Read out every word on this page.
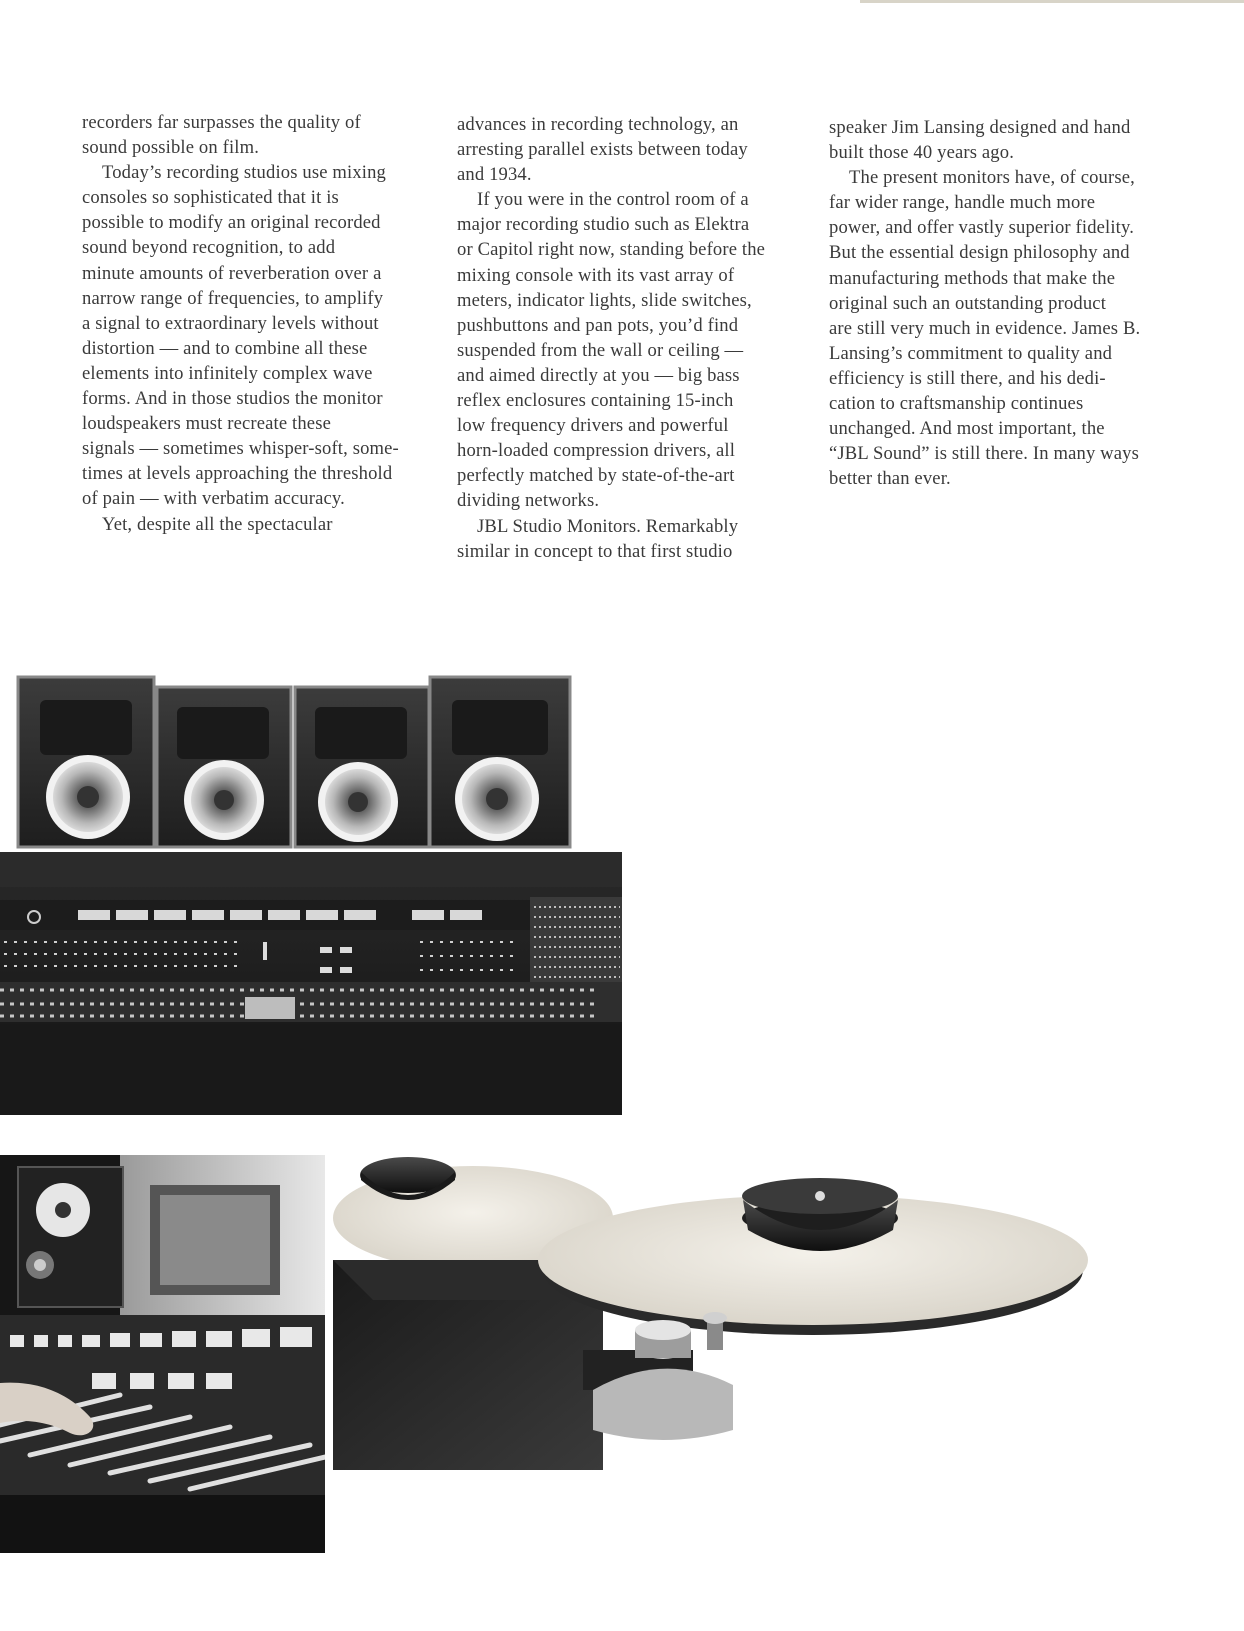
recorders far surpasses the quality of
sound possible on film.
Today’s recording studios use mixing
consoles so sophisticated that it is
possible to modify an original recorded
sound beyond recognition, to add
minute amounts of reverberation over a
narrow range of frequencies, to amplify
a signal to extraordinary levels without
distortion — and to combine all these
elements into infinitely complex wave
forms. And in those studios the monitor
loudspeakers must recreate these
signals — sometimes whisper-soft, some-
times at levels approaching the threshold
of pain — with verbatim accuracy.
Yet, despite all the spectacular
advances in recording technology, an
arresting parallel exists between today
and 1934.
If you were in the control room of a
major recording studio such as Elektra
or Capitol right now, standing before the
mixing console with its vast array of
meters, indicator lights, slide switches,
pushbuttons and pan pots, you’d find
suspended from the wall or ceiling —
and aimed directly at you — big bass
reflex enclosures containing 15-inch
low frequency drivers and powerful
horn-loaded compression drivers, all
perfectly matched by state-of-the-art
dividing networks.
JBL Studio Monitors. Remarkably
similar in concept to that first studio
speaker Jim Lansing designed and hand
built those 40 years ago.
The present monitors have, of course,
far wider range, handle much more
power, and offer vastly superior fidelity.
But the essential design philosophy and
manufacturing methods that make the
original such an outstanding product
are still very much in evidence. James B.
Lansing’s commitment to quality and
efficiency is still there, and his dedi-
cation to craftsmanship continues
unchanged. And most important, the
“JBL Sound” is still there. In many ways
better than ever.
